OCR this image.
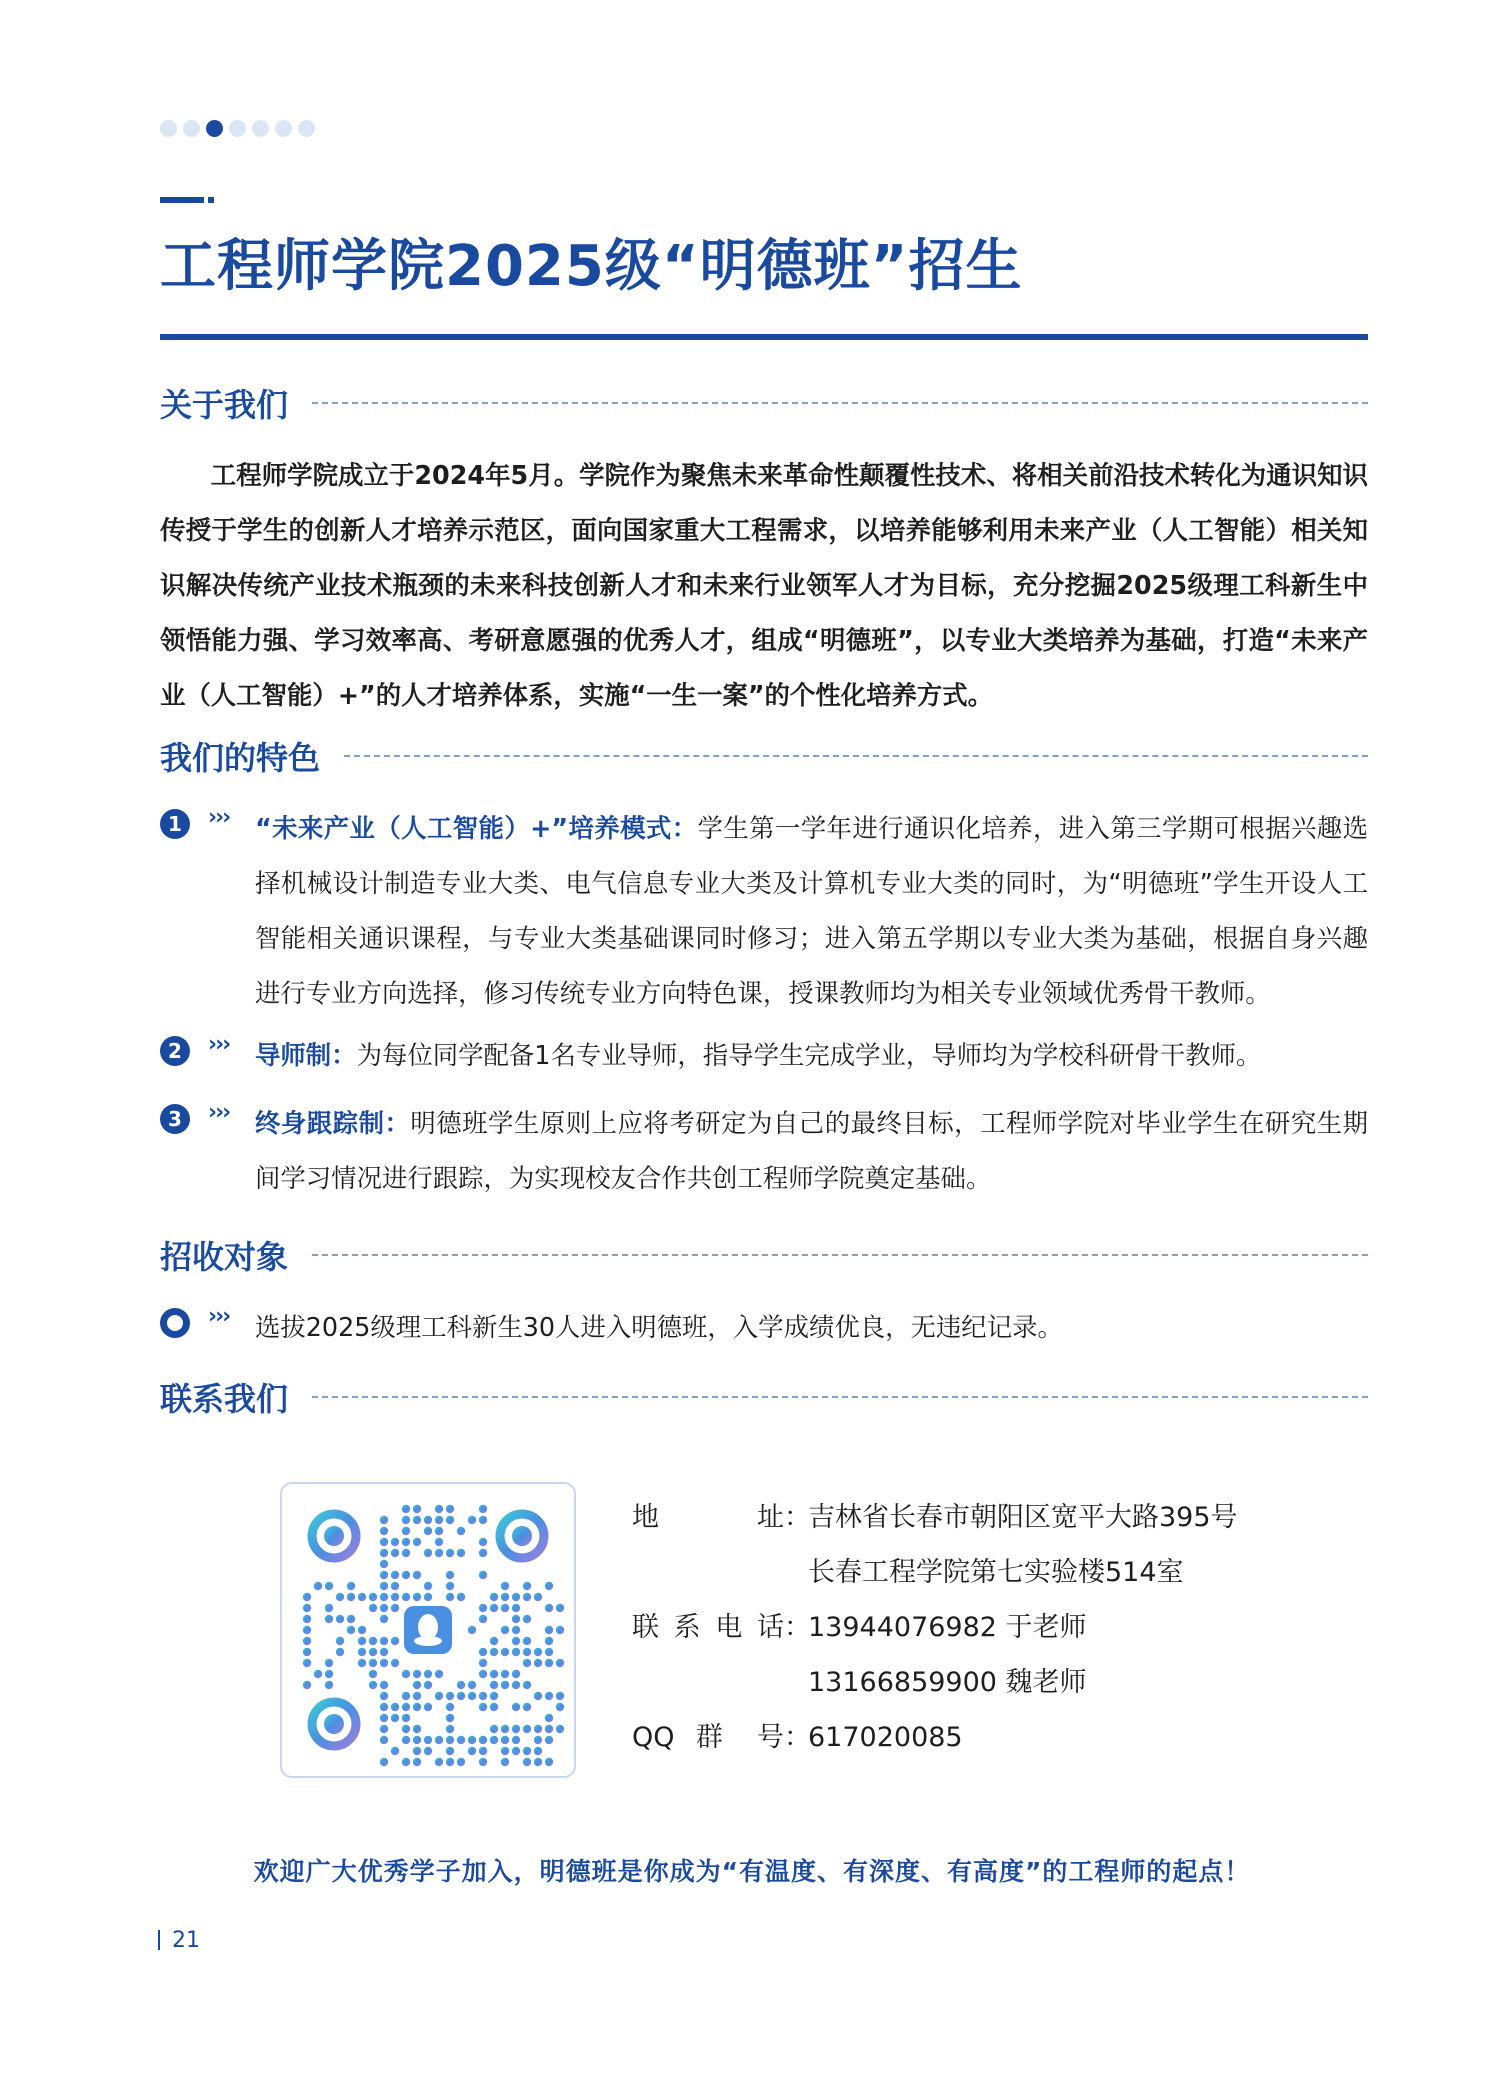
工程师学院2025级“明德班”招生
关于我们

工程师学院成立于2024年5月。学院作为聚焦未来革命性颠覆性技术、将相关前沿技术转化为通识知识传授于学生的创新人才培养示范区，面向国家重大工程需求，以培养能够利用未来产业（人工智能）相关知识解决传统产业技术瓶颈的未来科技创新人才和未来行业领军人才为目标，充分挖掘2025级理工科新生中领悟能力强、学习效率高、考研意愿强的优秀人才，组成“明德班”，以专业大类培养为基础，打造“未来产业（人工智能）+”的人才培养体系，实施“一生一案”的个性化培养方式。

我们的特色
1	››› “未来产业（人工智能）+”培养模式：学生第一学年进行通识化培养，进入第三学期可根据兴趣选择机械设计制造专业大类、电气信息专业大类及计算机专业大类的同时，为“明德班”学生开设人工智能相关通识课程，与专业大类基础课同时修习；进入第五学期以专业大类为基础，根据自身兴趣进行专业方向选择，修习传统专业方向特色课，授课教师均为相关专业领域优秀骨干教师。

2	››› 导师制：为每位同学配备1名专业导师，指导学生完成学业，导师均为学校科研骨干教师。

3	››› 终身跟踪制：明德班学生原则上应将考研定为自己的最终目标，工程师学院对毕业学生在研究生期间学习情况进行跟踪，为实现校友合作共创工程师学院奠定基础。

招收对象
››› 选拔2025级理工科新生30人进入明德班，入学成绩优良，无违纪记录。

联系我们
地　　址 ：
吉林省长春市朝阳区宽平大路395号
长春工程学院第七实验楼514室
联系电话 ：
13944076982 于老师
13166859900 魏老师
QQ 群 号 ：
617020085
欢迎广大优秀学子加入，明德班是你成为“有温度、有深度、有高度”的工程师的起点！
21
